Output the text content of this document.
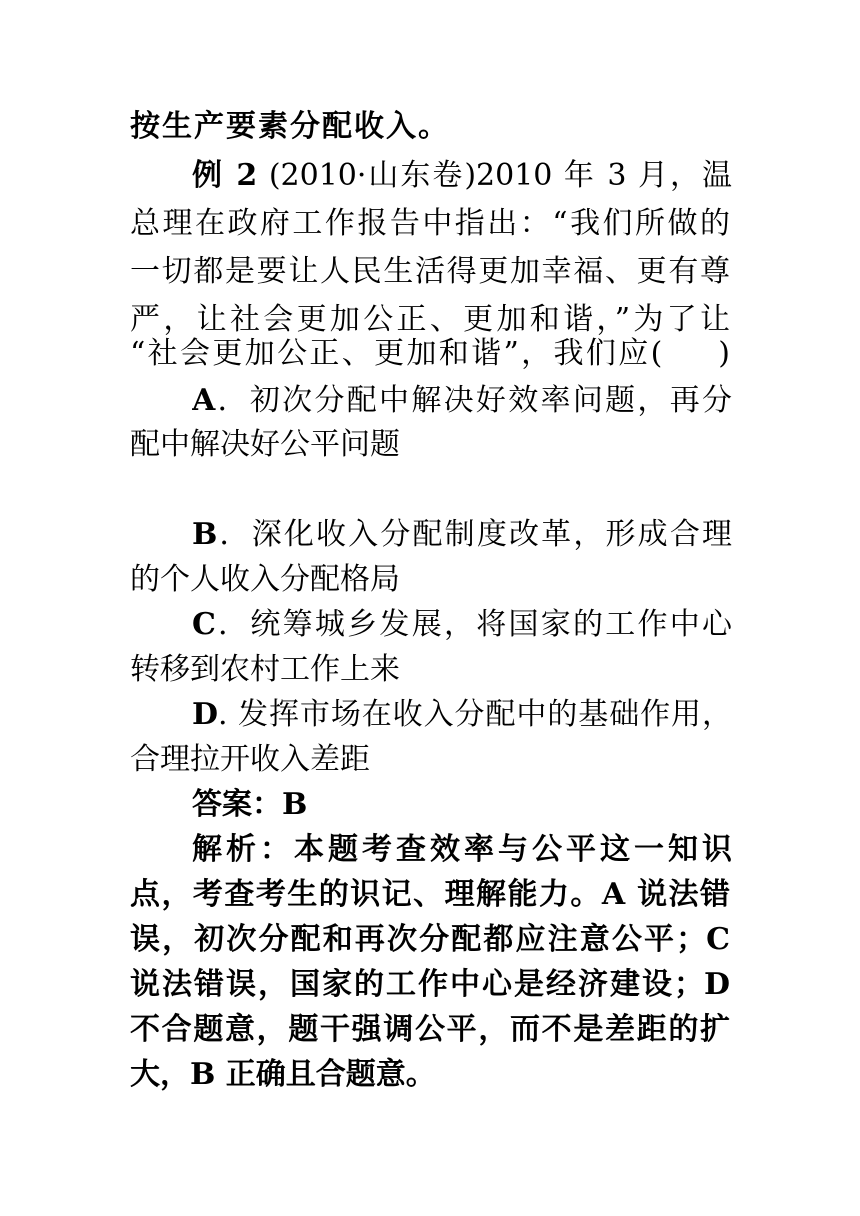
按生产要素分配收入。
例 2 (2010·山东卷)2010 年 3 月，温
总理在政府工作报告中指出：“我们所做的
一切都是要让人民生活得更加幸福、更有尊
严，让社会更加公正、更加和谐，”为了让
“社会更加公正、更加和谐”，我们应( )
A．初次分配中解决好效率问题，再分
配中解决好公平问题
B．深化收入分配制度改革，形成合理
的个人收入分配格局
C．统筹城乡发展，将国家的工作中心
转移到农村工作上来
D. 发挥市场在收入分配中的基础作用，
合理拉开收入差距
答案：B
解析：本题考查效率与公平这一知识
点，考查考生的识记、理解能力。A 说法错
误，初次分配和再次分配都应注意公平；C
说法错误，国家的工作中心是经济建设；D
不合题意，题干强调公平，而不是差距的扩
大，B 正确且合题意。
